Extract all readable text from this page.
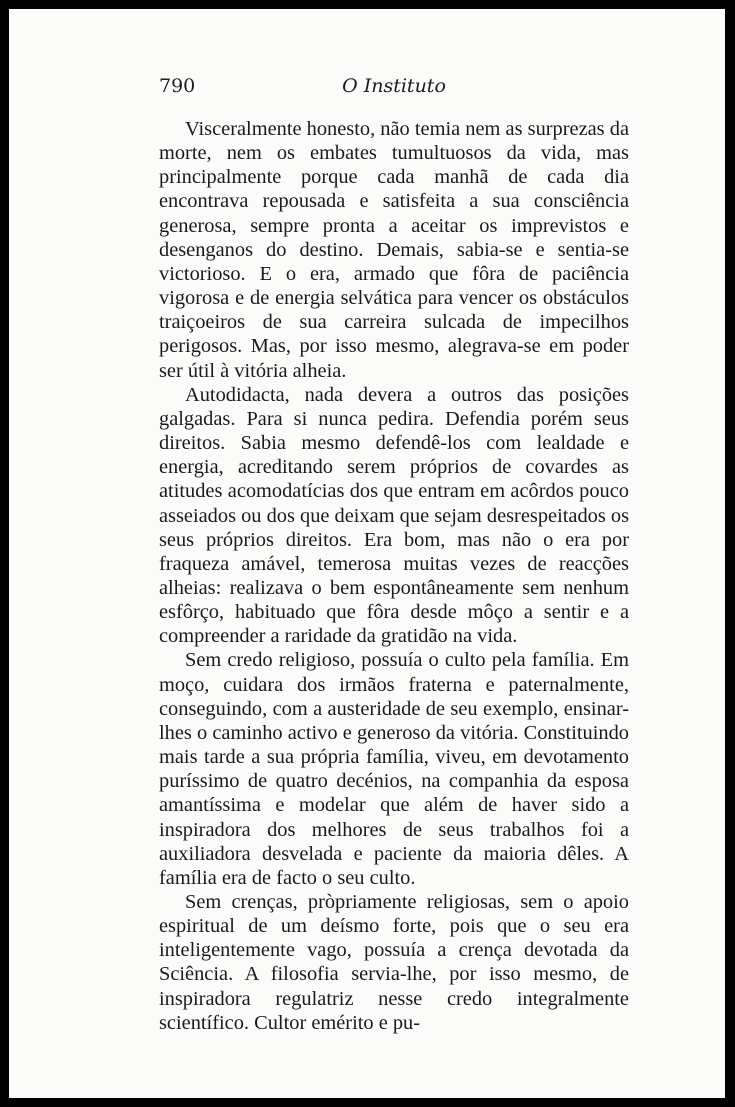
790	O Instituto

Visceralmente honesto, não temia nem as surprezas da morte, nem os embates tumultuosos da vida, mas principalmente porque cada manhã de cada dia encontrava repousada e satisfeita a sua consciência generosa, sempre pronta a aceitar os imprevistos e desenganos do destino. Demais, sabia-se e sentia-se victorioso. E o era, armado que fôra de paciência vigorosa e de energia selvática para vencer os obstáculos traiçoeiros de sua carreira sulcada de impecilhos perigosos. Mas, por isso mesmo, alegrava-se em poder ser útil à vitória alheia.

Autodidacta, nada devera a outros das posições galgadas. Para si nunca pedira. Defendia porém seus direitos. Sabia mesmo defendê-los com lealdade e energia, acreditando serem próprios de covardes as atitudes acomodatícias dos que entram em acôrdos pouco asseiados ou dos que deixam que sejam desrespeitados os seus próprios direitos. Era bom, mas não o era por fraqueza amável, temerosa muitas vezes de reacções alheias: realizava o bem espontâneamente sem nenhum esfôrço, habituado que fôra desde môço a sentir e a compreender a raridade da gratidão na vida.

Sem credo religioso, possuía o culto pela família. Em moço, cuidara dos irmãos fraterna e paternalmente, conseguindo, com a austeridade de seu exemplo, ensinar-lhes o caminho activo e generoso da vitória. Constituindo mais tarde a sua própria família, viveu, em devotamento puríssimo de quatro decénios, na companhia da esposa amantíssima e modelar que além de haver sido a inspiradora dos melhores de seus trabalhos foi a auxiliadora desvelada e paciente da maioria dêles. A família era de facto o seu culto.

Sem crenças, pròpriamente religiosas, sem o apoio espiritual de um deísmo forte, pois que o seu era inteligentemente vago, possuía a crença devotada da Sciência. A filosofia servia-lhe, por isso mesmo, de inspiradora regulatriz nesse credo integralmente scientífico. Cultor emérito e pu-
